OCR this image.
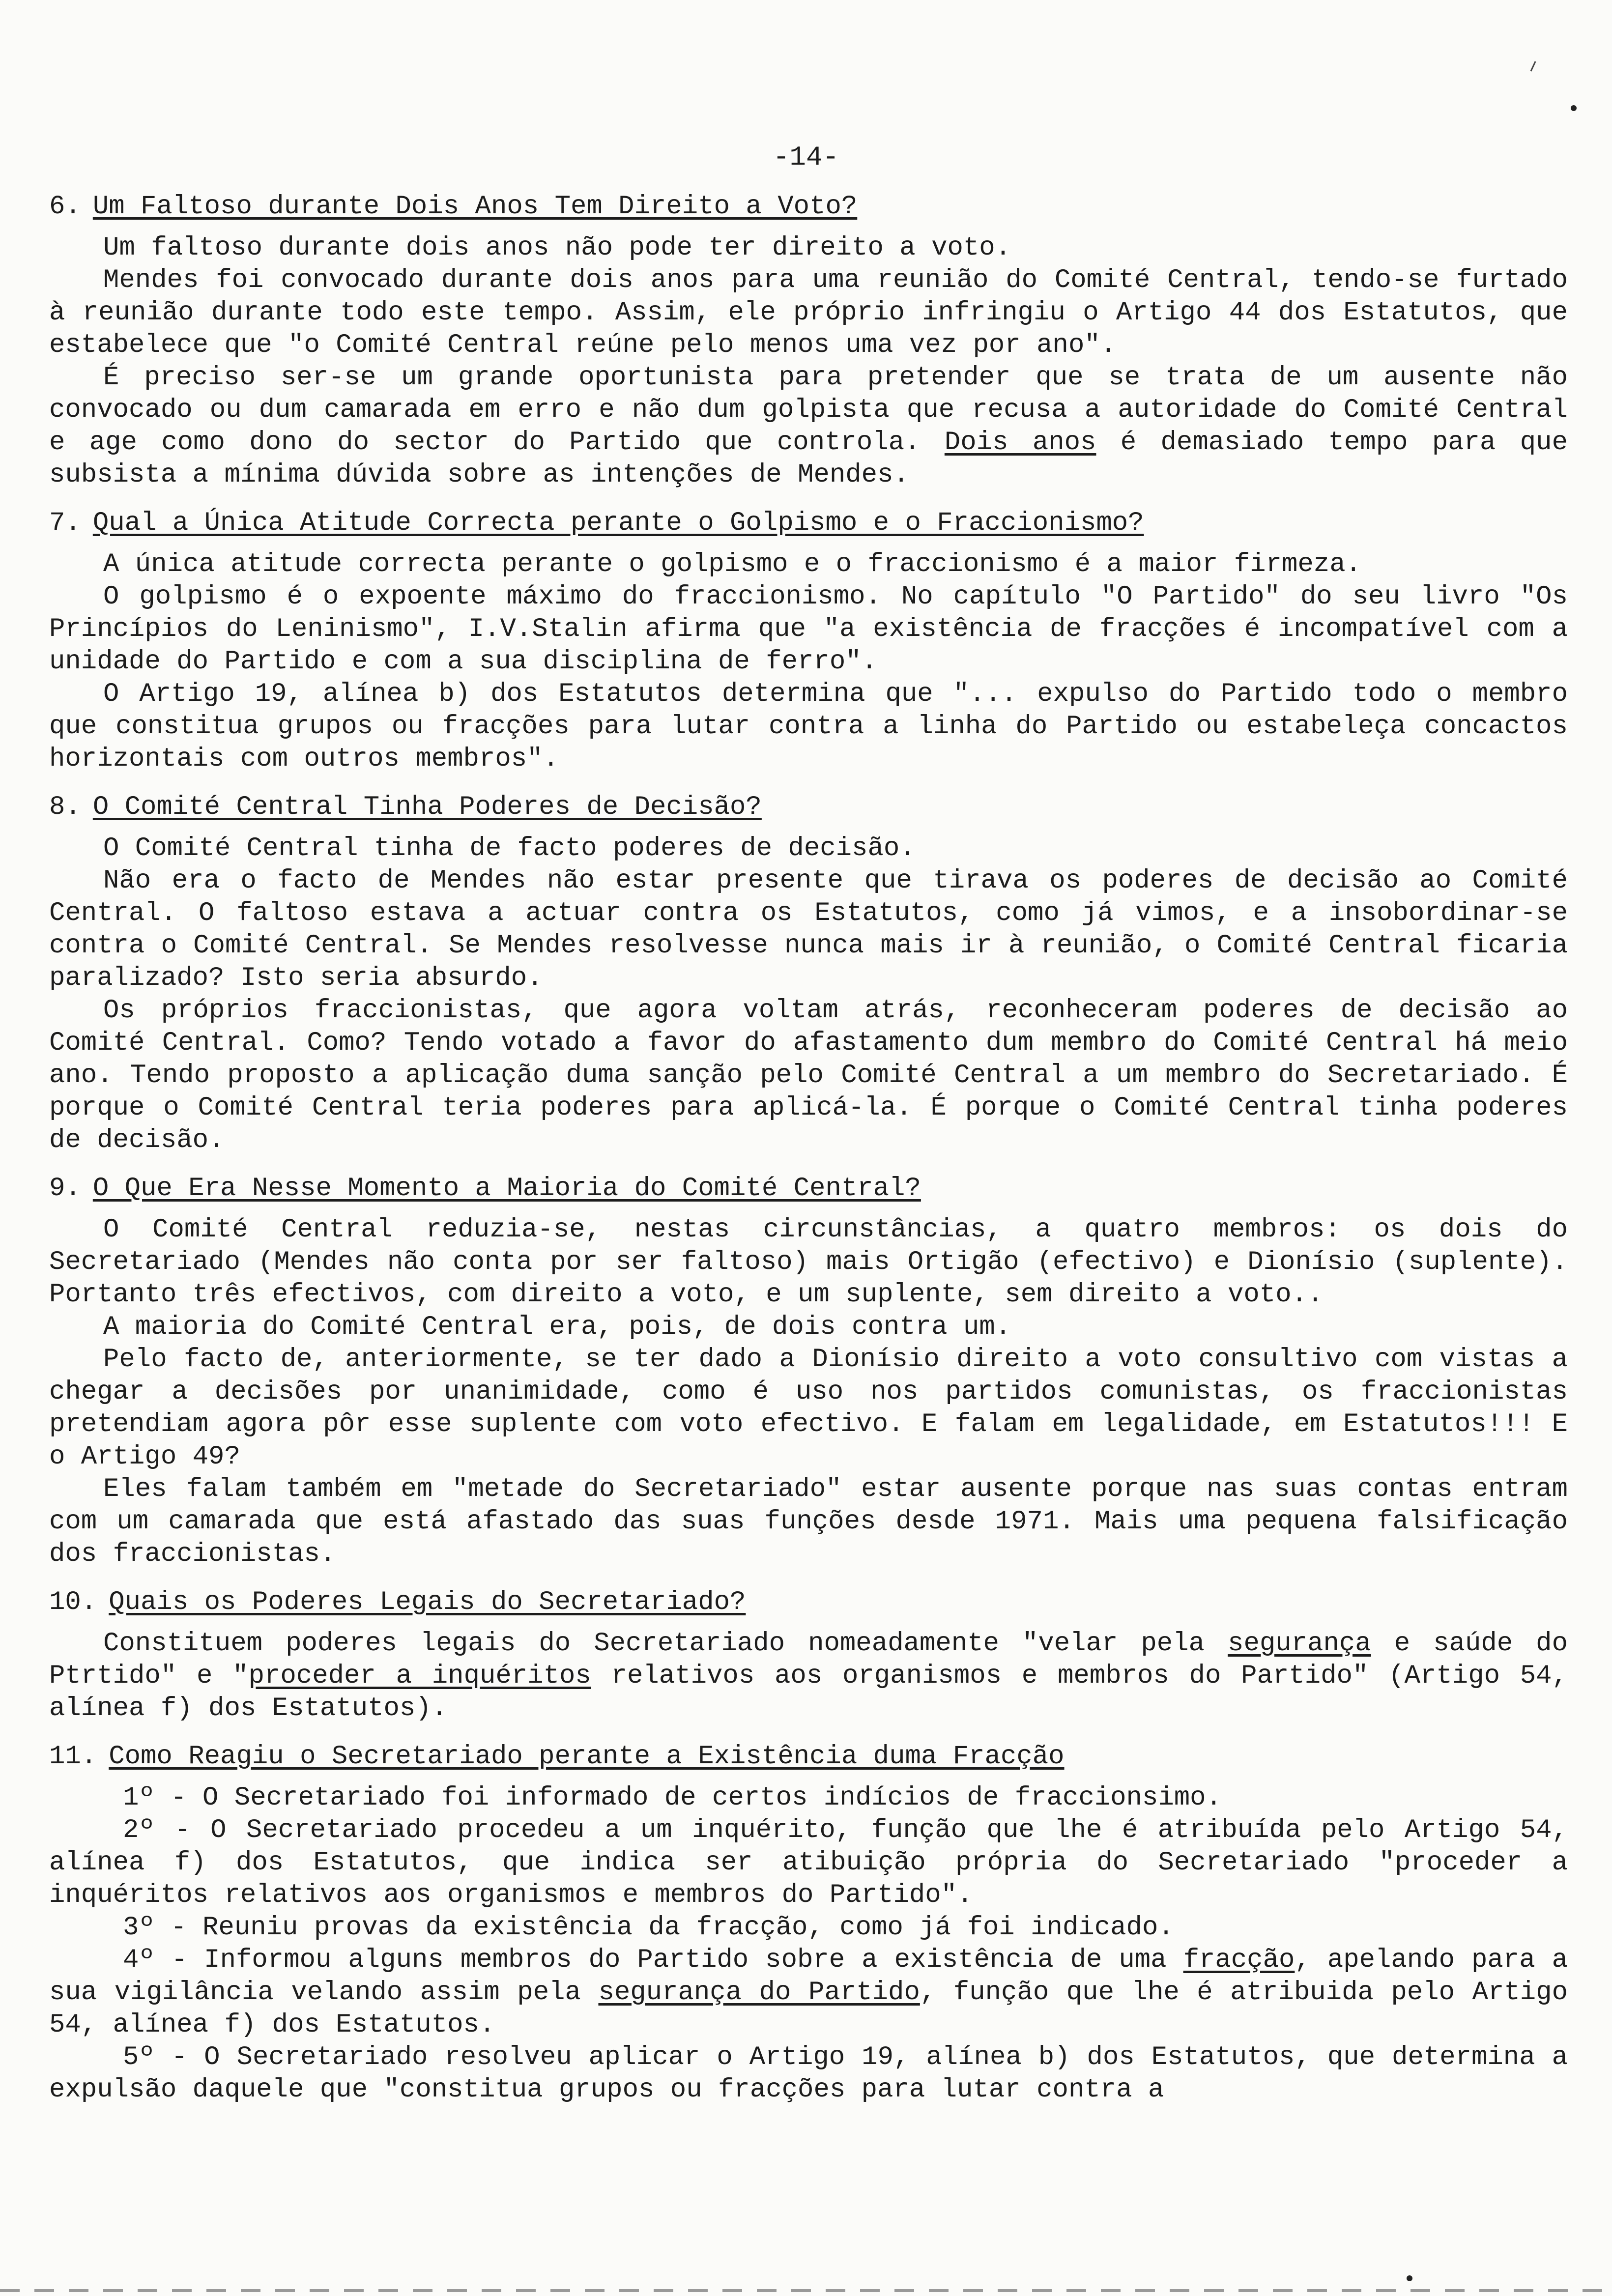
-14-
6. Um Faltoso durante Dois Anos Tem Direito a Voto?

Um faltoso durante dois anos não pode ter direito a voto.

Mendes foi convocado durante dois anos para uma reunião do Comité Central, tendo-se furtado à reunião durante todo este tempo. Assim, ele próprio infringiu o Artigo 44 dos Estatutos, que estabelece que "o Comité Central reúne pelo menos uma vez por ano".

É preciso ser-se um grande oportunista para pretender que se trata de um ausente não convocado ou dum camarada em erro e não dum golpista que recusa a autoridade do Comité Central e age como dono do sector do Partido que controla. Dois anos é demasiado tempo para que subsista a mínima dúvida sobre as intenções de Mendes.

7. Qual a Única Atitude Correcta perante o Golpismo e o Fraccionismo?

A única atitude correcta perante o golpismo e o fraccionismo é a maior firmeza.

O golpismo é o expoente máximo do fraccionismo. No capítulo "O Partido" do seu livro "Os Princípios do Leninismo", I.V.Stalin afirma que "a existência de fracções é incompatível com a unidade do Partido e com a sua disciplina de ferro".

O Artigo 19, alínea b) dos Estatutos determina que "... expulso do Partido todo o membro que constitua grupos ou fracções para lutar contra a linha do Partido ou estabeleça concactos horizontais com outros membros".

8. O Comité Central Tinha Poderes de Decisão?

O Comité Central tinha de facto poderes de decisão.

Não era o facto de Mendes não estar presente que tirava os poderes de decisão ao Comité Central. O faltoso estava a actuar contra os Estatutos, como já vimos, e a insobordinar-se contra o Comité Central. Se Mendes resolvesse nunca mais ir à reunião, o Comité Central ficaria paralizado? Isto seria absurdo.

Os próprios fraccionistas, que agora voltam atrás, reconheceram poderes de decisão ao Comité Central. Como? Tendo votado a favor do afastamento dum membro do Comité Central há meio ano. Tendo proposto a aplicação duma sanção pelo Comité Central a um membro do Secretariado. É porque o Comité Central teria poderes para aplicá-la. É porque o Comité Central tinha poderes de decisão.

9. O Que Era Nesse Momento a Maioria do Comité Central?

O Comité Central reduzia-se, nestas circunstâncias, a quatro membros: os dois do Secretariado (Mendes não conta por ser faltoso) mais Ortigão (efectivo) e Dionísio (suplente). Portanto três efectivos, com direito a voto, e um suplente, sem direito a voto..

A maioria do Comité Central era, pois, de dois contra um.

Pelo facto de, anteriormente, se ter dado a Dionísio direito a voto consultivo com vistas a chegar a decisões por unanimidade, como é uso nos partidos comunistas, os fraccionistas pretendiam agora pôr esse suplente com voto efectivo. E falam em legalidade, em Estatutos!!! E o Artigo 49?

Eles falam também em "metade do Secretariado" estar ausente porque nas suas contas entram com um camarada que está afastado das suas funções desde 1971. Mais uma pequena falsificação dos fraccionistas.

10. Quais os Poderes Legais do Secretariado?

Constituem poderes legais do Secretariado nomeadamente "velar pela segurança e saúde do Ptrtido" e "proceder a inquéritos relativos aos organismos e membros do Partido" (Artigo 54, alínea f) dos Estatutos).

11. Como Reagiu o Secretariado perante a Existência duma Fracção

1º - O Secretariado foi informado de certos indícios de fraccionsimo.

2º - O Secretariado procedeu a um inquérito, função que lhe é atribuída pelo Artigo 54, alínea f) dos Estatutos, que indica ser atibuição própria do Secretariado "proceder a inquéritos relativos aos organismos e membros do Partido".

3º - Reuniu provas da existência da fracção, como já foi indicado.

4º - Informou alguns membros do Partido sobre a existência de uma fracção, apelando para a sua vigilância velando assim pela segurança do Partido, função que lhe é atribuida pelo Artigo 54, alínea f) dos Estatutos.

5º - O Secretariado resolveu aplicar o Artigo 19, alínea b) dos Estatutos, que determina a expulsão daquele que "constitua grupos ou fracções para lutar contra a
